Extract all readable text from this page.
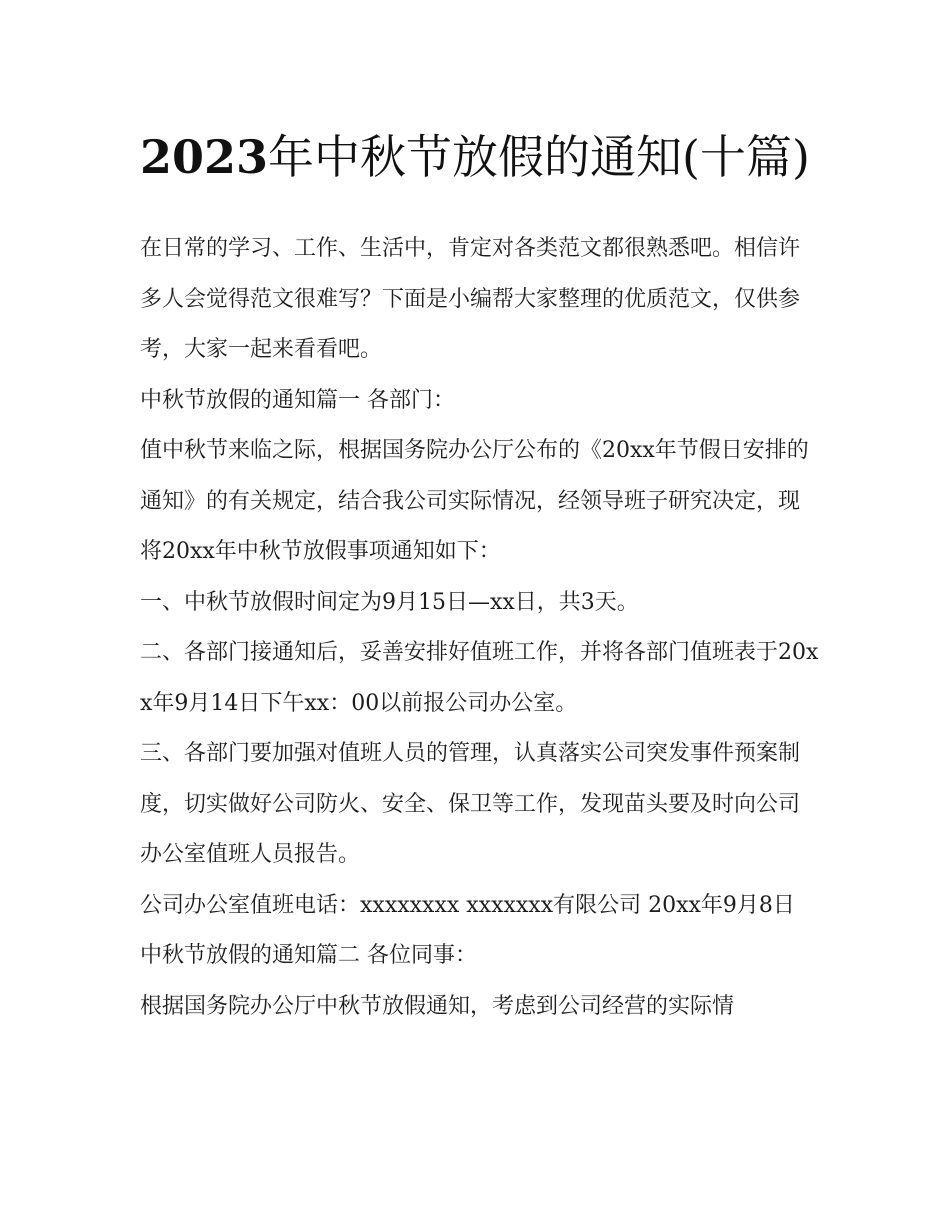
2023年中秋节放假的通知(十篇)

在日常的学习、工作、生活中，肯定对各类范文都很熟悉吧。相信许多人会觉得范文很难写？下面是小编帮大家整理的优质范文，仅供参考，大家一起来看看吧。

中秋节放假的通知篇一 各部门：

值中秋节来临之际，根据国务院办公厅公布的《20xx年节假日安排的通知》的有关规定，结合我公司实际情况，经领导班子研究决定，现将20xx年中秋节放假事项通知如下：

一、中秋节放假时间定为9月15日—xx日，共3天。

二、各部门接通知后，妥善安排好值班工作，并将各部门值班表于20xx年9月14日下午xx：00以前报公司办公室。

三、各部门要加强对值班人员的管理，认真落实公司突发事件预案制度，切实做好公司防火、安全、保卫等工作，发现苗头要及时向公司办公室值班人员报告。

公司办公室值班电话：xxxxxxxx xxxxxxx有限公司 20xx年9月8日 中秋节放假的通知篇二 各位同事：

根据国务院办公厅中秋节放假通知，考虑到公司经营的实际情
